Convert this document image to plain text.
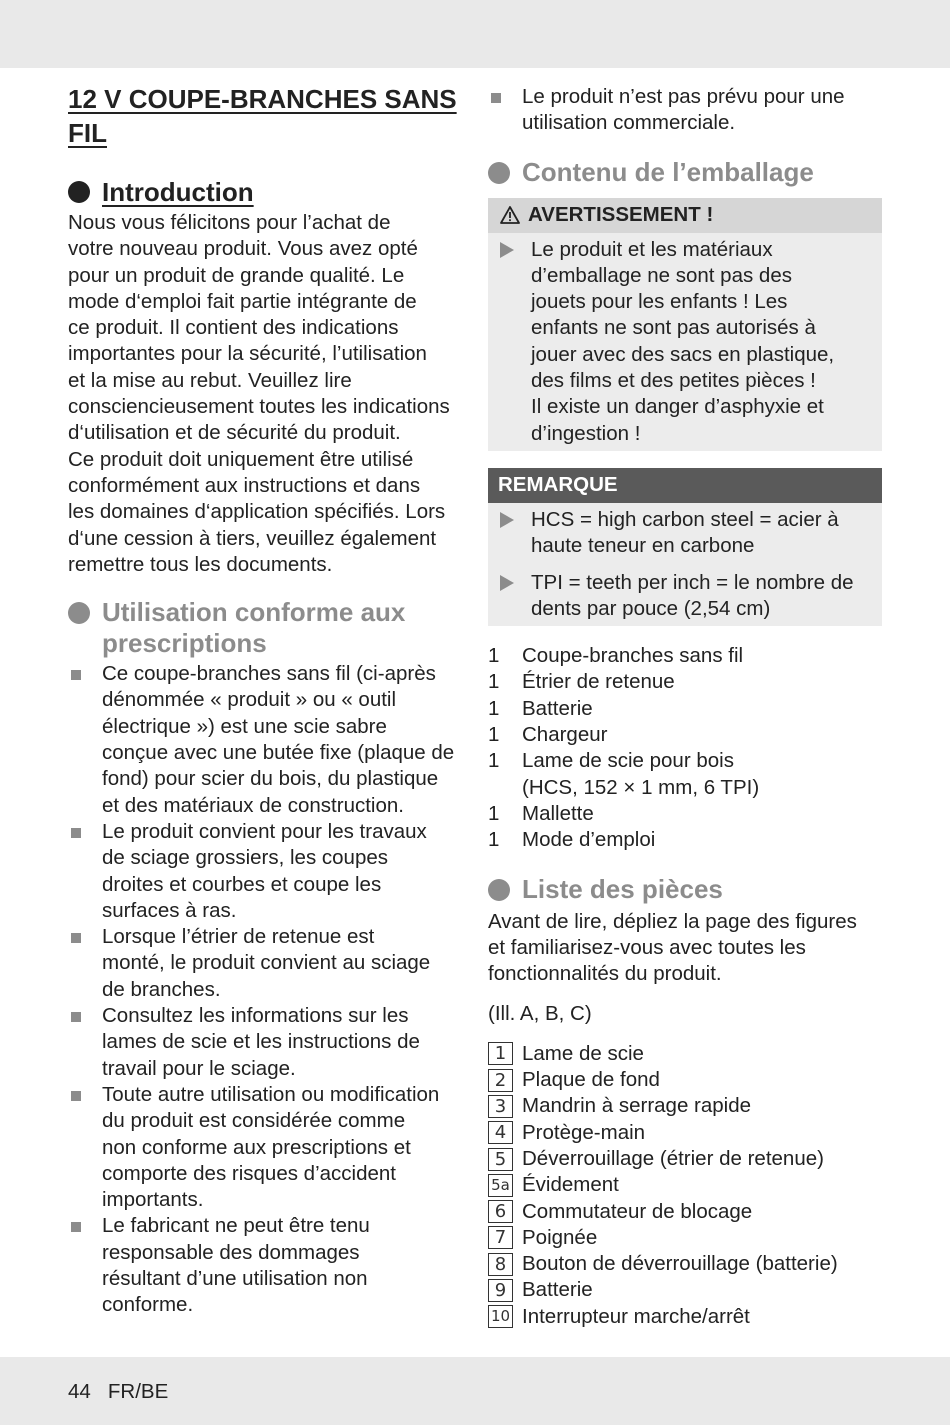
12 V COUPE-BRANCHES SANS FIL
Introduction

Nous vous félicitons pour l’achat de

votre nouveau produit. Vous avez opté

pour un produit de grande qualité. Le

mode d‘emploi fait partie intégrante de

ce produit. Il contient des indications

importantes pour la sécurité, l’utilisation

et la mise au rebut. Veuillez lire

consciencieusement toutes les indications

d‘utilisation et de sécurité du produit.

Ce produit doit uniquement être utilisé

conformément aux instructions et dans

les domaines d‘application spécifiés. Lors

d‘une cession à tiers, veuillez également

remettre tous les documents.

Utilisation conforme aux
prescriptions

Ce coupe-branches sans fil (ci-après

dénommée « produit » ou « outil

électrique ») est une scie sabre

conçue avec une butée fixe (plaque de

fond) pour scier du bois, du plastique

et des matériaux de construction.

Le produit convient pour les travaux

de sciage grossiers, les coupes

droites et courbes et coupe les

surfaces à ras.

Lorsque l’étrier de retenue est

monté, le produit convient au sciage

de branches.

Consultez les informations sur les

lames de scie et les instructions de

travail pour le sciage.

Toute autre utilisation ou modification

du produit est considérée comme

non conforme aux prescriptions et

comporte des risques d’accident

importants.

Le fabricant ne peut être tenu

responsable des dommages

résultant d’une utilisation non

conforme.

Le produit n’est pas prévu pour une

utilisation commerciale.

Contenu de l’emballage
AVERTISSEMENT !

Le produit et les matériaux

d’emballage ne sont pas des

jouets pour les enfants ! Les

enfants ne sont pas autorisés à

jouer avec des sacs en plastique,

des films et des petites pièces !

Il existe un danger d’asphyxie et

d’ingestion !

REMARQUE

HCS = high carbon steel = acier à

haute teneur en carbone

TPI = teeth per inch = le nombre de

dents par pouce (2,54 cm)

1	Coupe-branches sans fil
1	Étrier de retenue
1	Batterie
1	Chargeur
1	Lame de scie pour bois

(HCS, 152 × 1 mm, 6 TPI)

1	Mallette
1	Mode d’emploi
Liste des pièces

Avant de lire, dépliez la page des figures

et familiarisez-vous avec toutes les

fonctionnalités du produit.

(Ill. A, B, C)

1 Lame de scie
2 Plaque de fond
3 Mandrin à serrage rapide
4 Protège-main
5 Déverrouillage (étrier de retenue)
5a Évidement
6 Commutateur de blocage
7 Poignée
8 Bouton de déverrouillage (batterie)
9 Batterie
10 Interrupteur marche/arrêt
44 FR/BE
